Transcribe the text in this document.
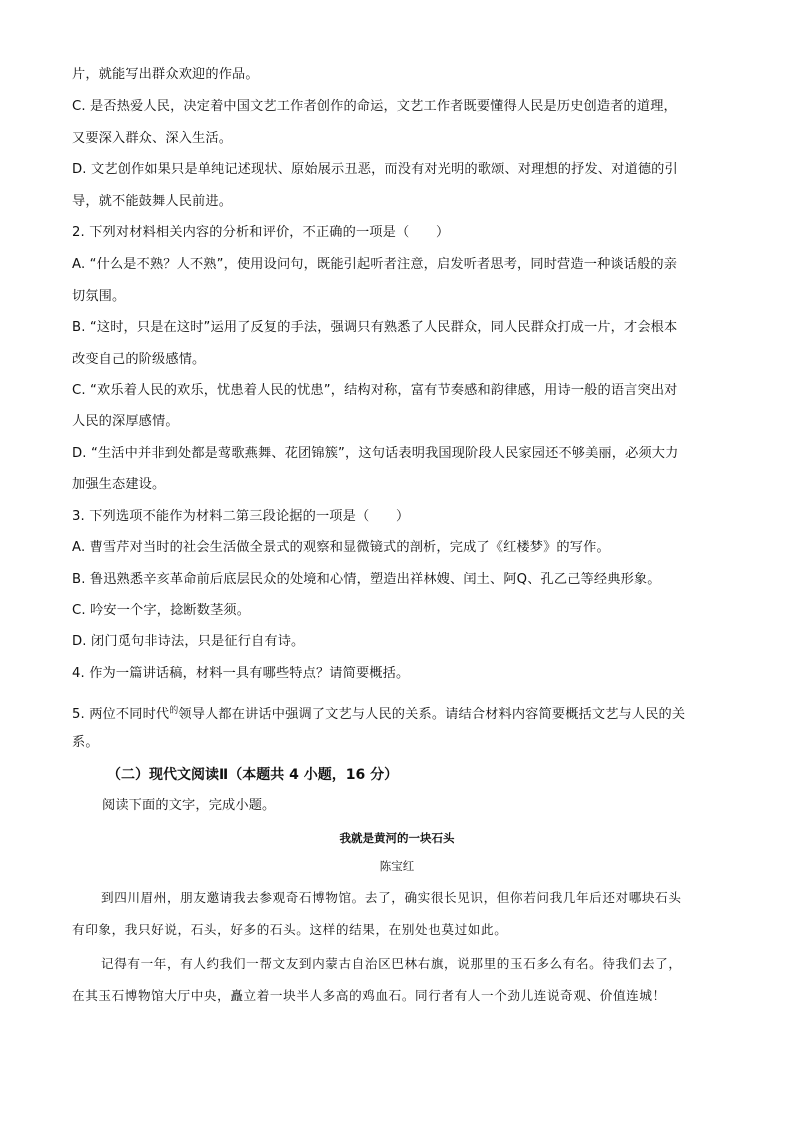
片，就能写出群众欢迎的作品。
C. 是否热爱人民，决定着中国文艺工作者创作的命运，文艺工作者既要懂得人民是历史创造者的道理，
又要深入群众、深入生活。
D. 文艺创作如果只是单纯记述现状、原始展示丑恶，而没有对光明的歌颂、对理想的抒发、对道德的引
导，就不能鼓舞人民前进。
2. 下列对材料相关内容的分析和评价，不正确的一项是（　　）
A. “什么是不熟？人不熟”，使用设问句，既能引起听者注意，启发听者思考，同时营造一种谈话般的亲
切氛围。
B. “这时，只是在这时”运用了反复的手法，强调只有熟悉了人民群众，同人民群众打成一片，才会根本
改变自己的阶级感情。
C. “欢乐着人民的欢乐，忧患着人民的忧患”，结构对称，富有节奏感和韵律感，用诗一般的语言突出对
人民的深厚感情。
D. “生活中并非到处都是莺歌燕舞、花团锦簇”，这句话表明我国现阶段人民家园还不够美丽，必须大力
加强生态建设。
3. 下列选项不能作为材料二第三段论据的一项是（　　）
A. 曹雪芹对当时的社会生活做全景式的观察和显微镜式的剖析，完成了《红楼梦》的写作。
B. 鲁迅熟悉辛亥革命前后底层民众的处境和心情，塑造出祥林嫂、闰土、阿Q、孔乙己等经典形象。
C. 吟安一个字，捻断数茎须。
D. 闭门觅句非诗法，只是征行自有诗。
4. 作为一篇讲话稿，材料一具有哪些特点？请简要概括。
5. 两位不同时代$^的$领导人都在讲话中强调了文艺与人民的关系。请结合材料内容简要概括文艺与人民的关
系。
（二）现代文阅读Ⅱ（本题共 4 小题，16 分）
阅读下面的文字，完成小题。
我就是黄河的一块石头
陈宝红
到四川眉州，朋友邀请我去参观奇石博物馆。去了，确实很长见识，但你若问我几年后还对哪块石头
有印象，我只好说，石头，好多的石头。这样的结果，在别处也莫过如此。
记得有一年，有人约我们一帮文友到内蒙古自治区巴林右旗，说那里的玉石多么有名。待我们去了，
在其玉石博物馆大厅中央，矗立着一块半人多高的鸡血石。同行者有人一个劲儿连说奇观、价值连城！
